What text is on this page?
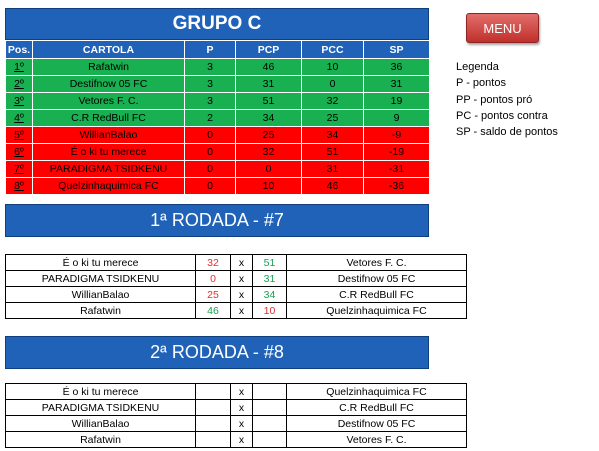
GRUPO C
Pos.	CARTOLA	P	PCP	PCC	SP
1º	Rafatwin	3	46	10	36
2º	Destifnow 05 FC	3	31	0	31
3º	Vetores F. C.	3	51	32	19
4º	C.R RedBull FC	2	34	25	9
5º	WillianBalao	0	25	34	-9
6º	É o ki tu merece	0	32	51	-19
7º	PARADIGMA TSIDKENU	0	0	31	-31
8º	Quelzinhaquimica FC	0	10	46	-36
MENU
Legenda
P - pontos
PP - pontos pró
PC - pontos contra
SP - saldo de pontos
1ª RODADA - #7
É o ki tu merece	32	x	51	Vetores F. C.
PARADIGMA TSIDKENU	0	x	31	Destifnow 05 FC
WillianBalao	25	x	34	C.R RedBull FC
Rafatwin	46	x	10	Quelzinhaquimica FC
2ª RODADA - #8
É o ki tu merece		x		Quelzinhaquimica FC
PARADIGMA TSIDKENU		x		C.R RedBull FC
WillianBalao		x		Destifnow 05 FC
Rafatwin		x		Vetores F. C.
